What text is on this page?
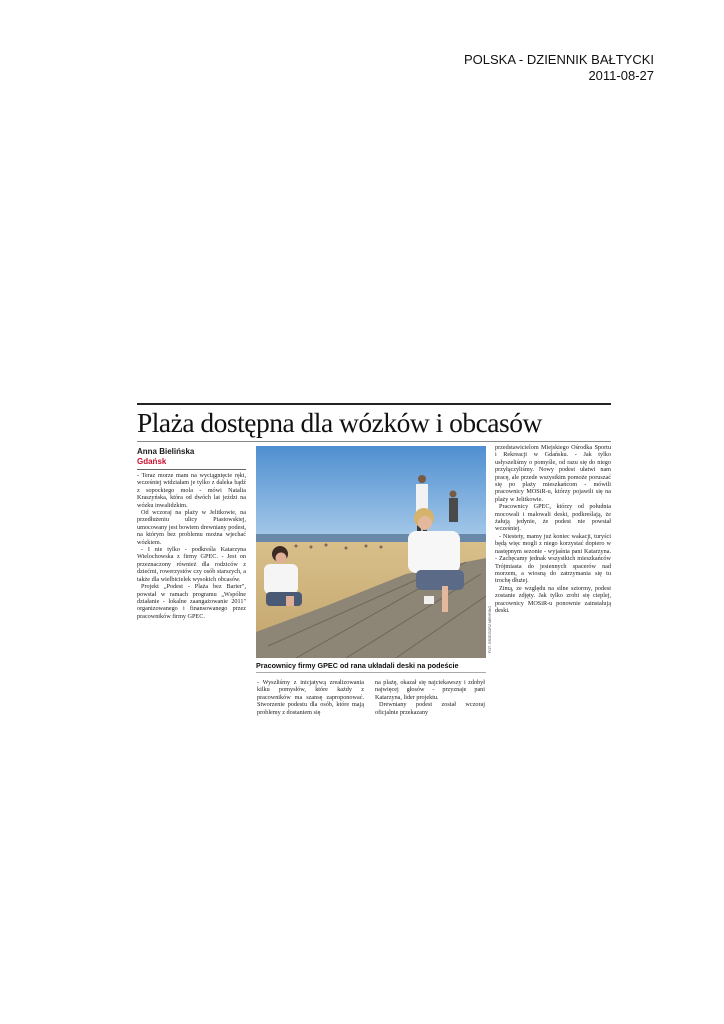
POLSKA - DZIENNIK BAŁTYCKI
2011-08-27
Plaża dostępna dla wózków i obcasów
Anna Bielińska
Gdańsk

- Teraz morze mam na wyciągnięcie ręki, wcześniej widziałam je tylko z daleka bądź z sopockiego mola - mówi Natalia Kraszyńska, która od dwóch lat jeździ na wózku inwalidzkim.

Od wczoraj na plaży w Jelitkowie, na przedłużeniu ulicy Piastowskiej, umocowany jest bowiem drewniany podest, na którym bez problemu można wjechać wózkiem.

- I nie tylko - podkreśla Katarzyna Wielochowska z firmy GPEC. - Jest on przeznaczony również dla rodziców z dziećmi, rowerzystów czy osób starszych, a także dla wielbicielek wysokich obcasów.

Projekt „Podest - Plaża bez Barier", powstał w ramach programu „Wspólne działanie - lokalne zaangażowanie 2011" organizowanego i finansowanego przez pracowników firmy GPEC.	FOT. GRZEGORZ MEHRING
Pracownicy firmy GPEC od rana układali deski na podeście

- Wyszliśmy z inicjatywą zrealizowania kilku pomysłów, które każdy z pracowników ma szansę zaproponować. Stworzenie podestu dla osób, które mają problemy z dostaniem się

na plażę, okazał się najciekawszy i zdobył najwięcej głosów - przyznaje pani Katarzyna, lider projektu.

Drewniany podest został wczoraj oficjalnie przekazany

przedstawicielom Miejskiego Ośrodka Sportu i Rekreacji w Gdańsku. - Jak tylko usłyszeliśmy o pomyśle, od razu się do niego przyłączyliśmy. Nowy podest ułatwi nam pracę, ale przede wszystkim pomoże poruszać się po plaży mieszkańcom - mówili pracownicy MOSiR-u, którzy pojawili się na plaży w Jelitkowie.

Pracownicy GPEC, którzy od południa mocowali i malowali deski, podkreślają, że żałują jedynie, że podest nie powstał wcześniej.

- Niestety, mamy już koniec wakacji, turyści będą więc mogli z niego korzystać dopiero w następnym sezonie - wyjaśnia pani Katarzyna. - Zachęcamy jednak wszystkich mieszkańców Trójmiasta do jesiennych spacerów nad morzem, a wiosną do zatrzymania się tu trochę dłużej.

Zimą, ze względu na silne sztormy, podest zostanie zdjęty. Jak tylko zrobi się cieplej, pracownicy MOSiR-u ponownie zainstalują deski.
